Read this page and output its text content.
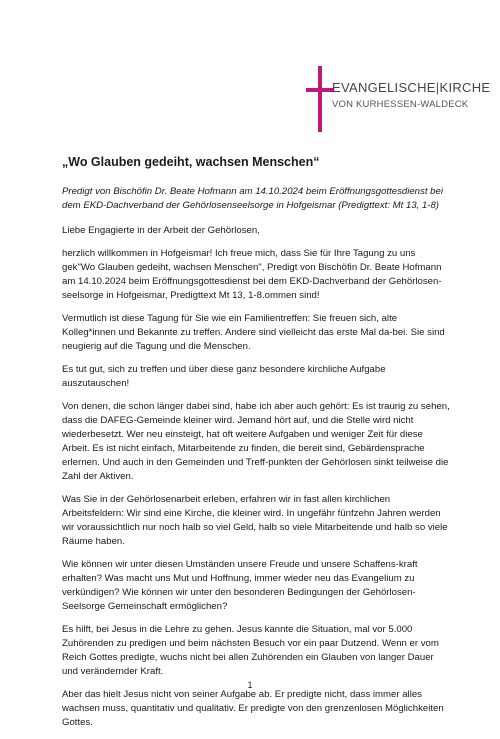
EVANGELISCHE|KIRCHE
VON KURHESSEN-WALDECK
„Wo Glauben gedeiht, wachsen Menschen“

Predigt von Bischöfin Dr. Beate Hofmann am 14.10.2024 beim Eröffnungsgottesdienst bei dem EKD-Dachverband der Gehörlosenseelsorge in Hofgeismar (Predigttext: Mt 13, 1-8)

Liebe Engagierte in der Arbeit der Gehörlosen,

herzlich willkommen in Hofgeismar! Ich freue mich, dass Sie für Ihre Tagung zu uns gek"Wo Glauben gedeiht, wachsen Menschen", Predigt von Bischöfin Dr. Beate Hofmann am 14.10.2024 beim Eröffnungsgottesdienst bei dem EKD-Dachverband der Gehörlosen-seelsorge in Hofgeismar, Predigttext Mt 13, 1-8.ommen sind!

Vermutlich ist diese Tagung für Sie wie ein Familientreffen: Sie freuen sich, alte Kolleg*innen und Bekannte zu treffen. Andere sind vielleicht das erste Mal da-bei. Sie sind neugierig auf die Tagung und die Menschen.

Es tut gut, sich zu treffen und über diese ganz besondere kirchliche Aufgabe auszutauschen!

Von denen, die schon länger dabei sind, habe ich aber auch gehört: Es ist traurig zu sehen, dass die DAFEG-Gemeinde kleiner wird. Jemand hört auf, und die Stelle wird nicht wiederbesetzt. Wer neu einsteigt, hat oft weitere Aufgaben und weniger Zeit für diese Arbeit. Es ist nicht einfach, Mitarbeitende zu finden, die bereit sind, Gebärdensprache erlernen. Und auch in den Gemeinden und Treff-punkten der Gehörlosen sinkt teilweise die Zahl der Aktiven.

Was Sie in der Gehörlosenarbeit erleben, erfahren wir in fast allen kirchlichen Arbeitsfeldern: Wir sind eine Kirche, die kleiner wird. In ungefähr fünfzehn Jahren werden wir voraussichtlich nur noch halb so viel Geld, halb so viele Mitarbeitende und halb so viele Räume haben.

Wie können wir unter diesen Umständen unsere Freude und unsere Schaffens-kraft erhalten? Was macht uns Mut und Hoffnung, immer wieder neu das Evangelium zu verkündigen? Wie können wir unter den besonderen Bedingungen der Gehörlosen-Seelsorge Gemeinschaft ermöglichen?

Es hilft, bei Jesus in die Lehre zu gehen. Jesus kannte die Situation, mal vor 5.000 Zuhörenden zu predigen und beim nächsten Besuch vor ein paar Dutzend. Wenn er vom Reich Gottes predigte, wuchs nicht bei allen Zuhörenden ein Glauben von langer Dauer und verändernder Kraft.

Aber das hielt Jesus nicht von seiner Aufgabe ab. Er predigte nicht, dass immer alles wachsen muss, quantitativ und qualitativ. Er predigte von den grenzenlosen Möglichkeiten Gottes.

1
